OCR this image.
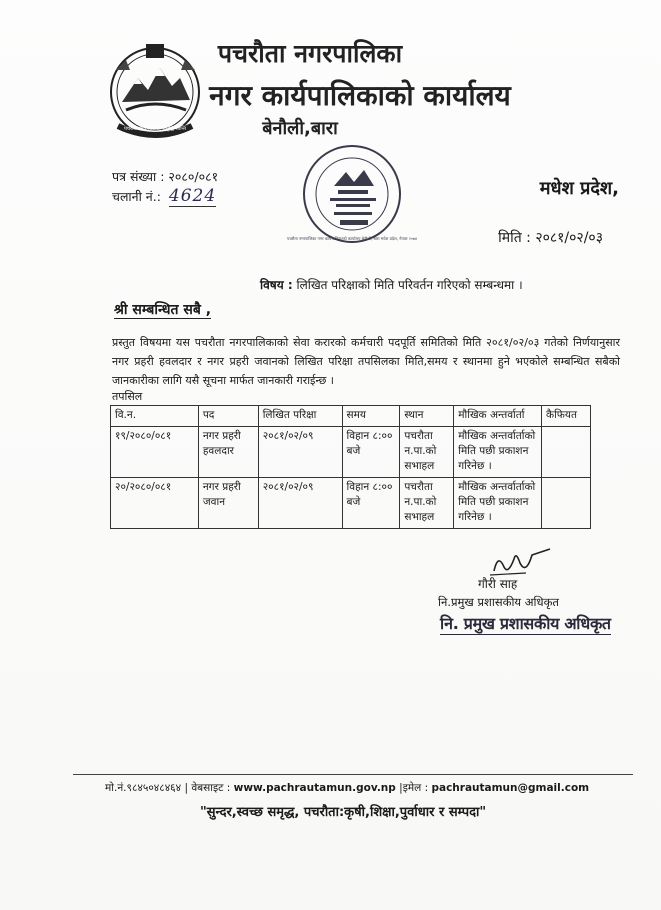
पचरौता नगरपालिका समृद्धि शान्ति
पचरौता नगरपालिका
नगर कार्यपालिकाको कार्यालय
बेनौली,बारा
पत्र संख्या : २०८०/०८१
चलानी नं.: 4624
पचरौता नगरपालिका नगर कार्यपालिकाको कार्यालय बेनौली, बारा मधेश प्रदेश, नेपाल २०७४
मधेश प्रदेश,
मिति : २०८१/०२/०३
विषय : लिखित परिक्षाको मिति परिवर्तन गरिएको सम्बन्धमा ।
श्री सम्बन्धित सबै ,
प्रस्तुत विषयमा यस पचरौता नगरपालिकाको सेवा करारको कर्मचारी पदपूर्ति समितिको मिति २०८१/०२/०३ गतेको निर्णयानुसार नगर प्रहरी हवलदार र नगर प्रहरी जवानको लिखित परिक्षा तपसिलका मिति,समय र स्थानमा हुने भएकोले सम्बन्धित सबैको जानकारीका लागि यसै सूचना मार्फत जानकारी गराईन्छ ।
तपसिल
वि.न.	पद	लिखित परिक्षा	समय	स्थान	मौखिक अन्तर्वार्ता	कैफियत
१९/२०८०/०८१	नगर प्रहरी हवलदार	२०८१/०२/०९	विहान ८:०० बजे	पचरौता न.पा.को सभाहल	मौखिक अन्तर्वार्ताको मिति पछी प्रकाशन गरिनेछ ।	
२०/२०८०/०८१	नगर प्रहरी जवान	२०८१/०२/०९	विहान ८:०० बजे	पचरौता न.पा.को सभाहल	मौखिक अन्तर्वार्ताको मिति पछी प्रकाशन गरिनेछ ।	
गौरी साह
नि.प्रमुख प्रशासकीय अधिकृत
नि. प्रमुख प्रशासकीय अधिकृत
मो.नं.९८४५०४८४६४ | वेबसाइट : www.pachrautamun.gov.np |इमेल : pachrautamun@gmail.com
"सुन्दर,स्वच्छ समृद्ध, पचरौता:कृषी,शिक्षा,पुर्वाधार र सम्पदा"
